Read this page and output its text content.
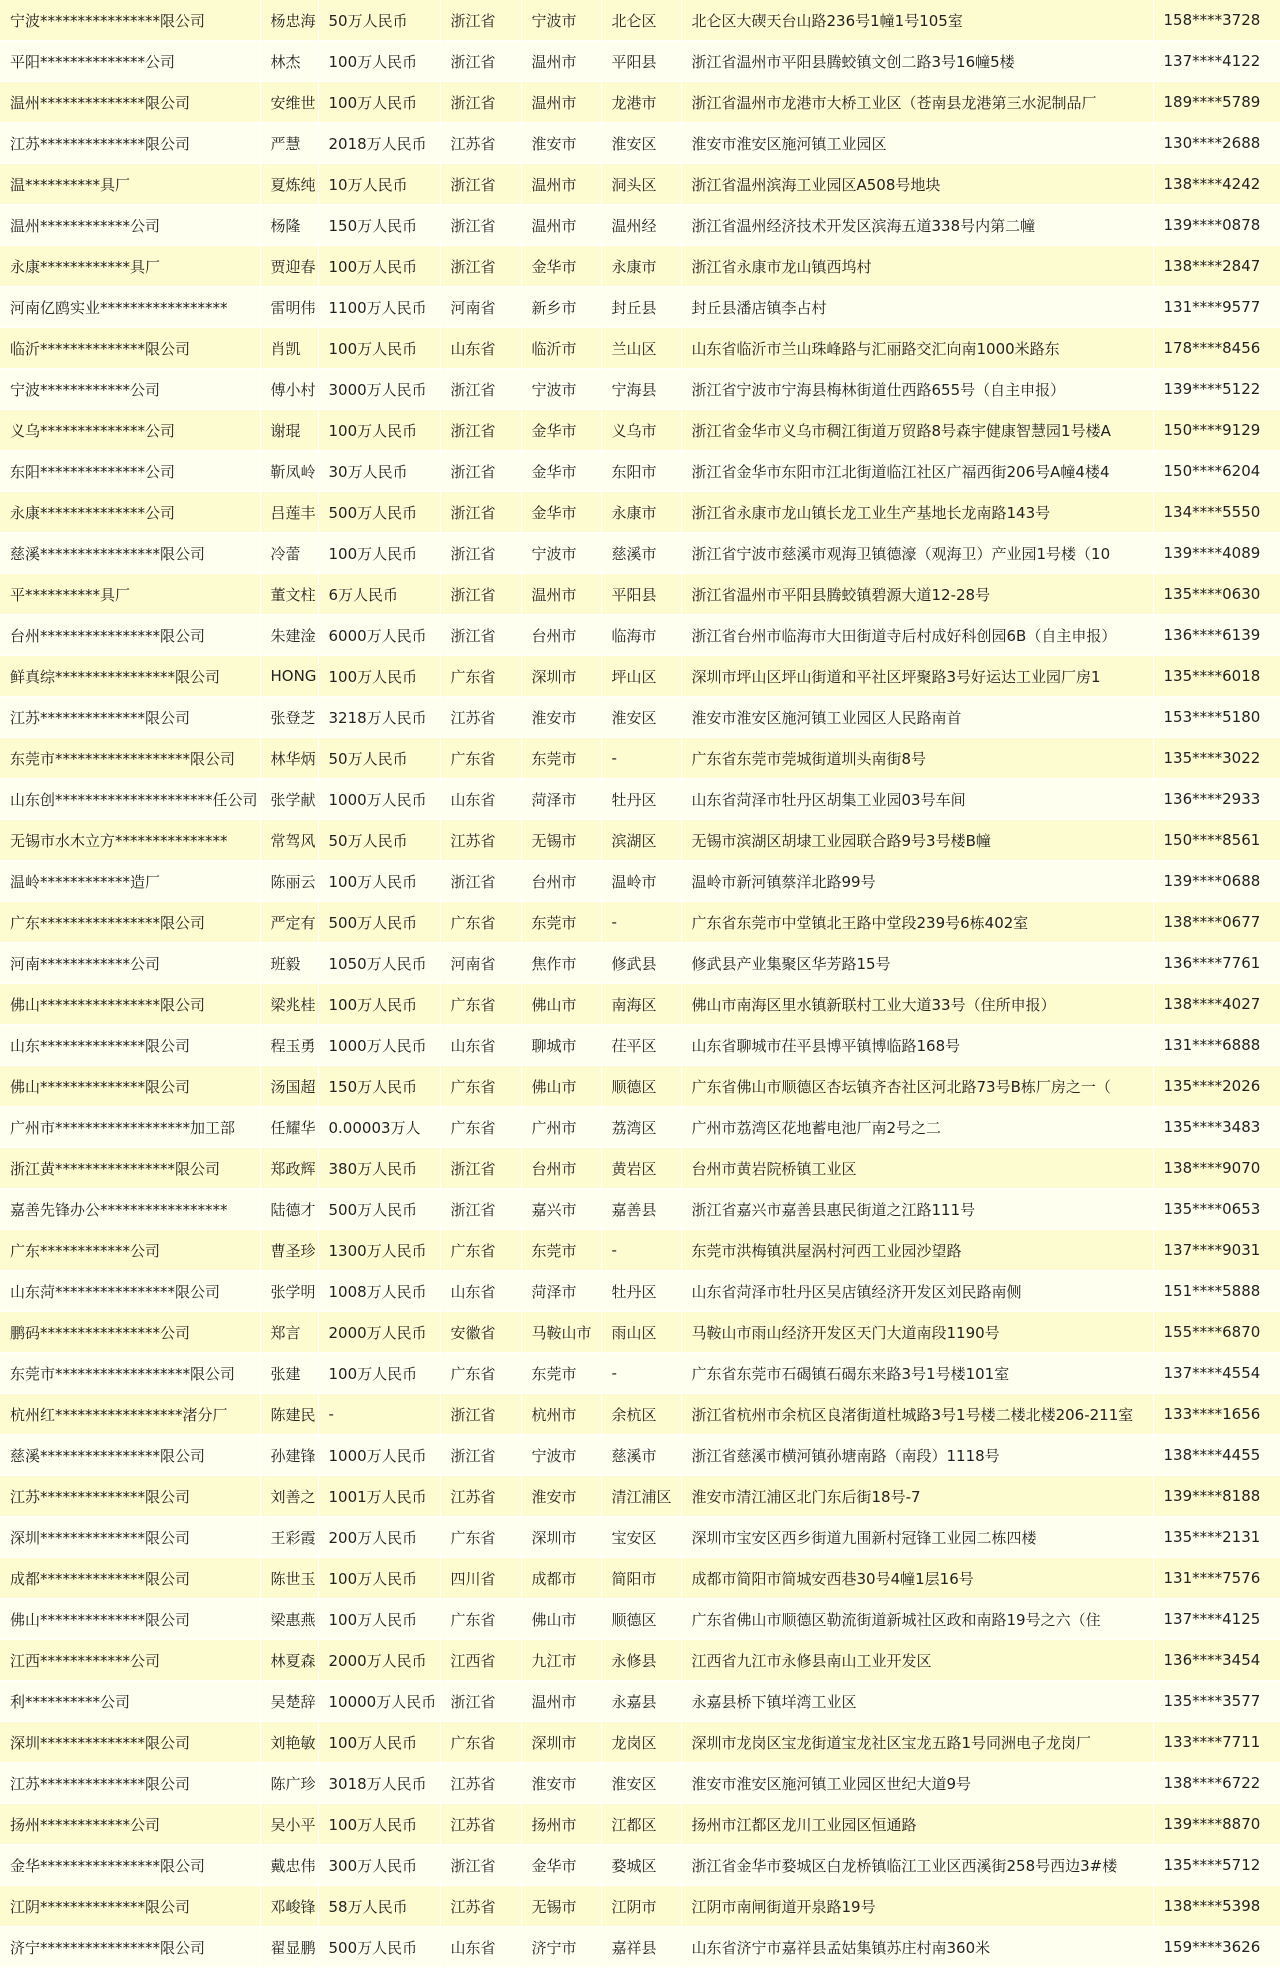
宁波****************限公司	杨忠海	50万人民币	浙江省	宁波市	北仑区	北仑区大碶天台山路236号1幢1号105室	158****3728
平阳**************公司	林杰	100万人民币	浙江省	温州市	平阳县	浙江省温州市平阳县腾蛟镇文创二路3号16幢5楼	137****4122
温州**************限公司	安维世	100万人民币	浙江省	温州市	龙港市	浙江省温州市龙港市大桥工业区（苍南县龙港第三水泥制品厂	189****5789
江苏**************限公司	严慧	2018万人民币	江苏省	淮安市	淮安区	淮安市淮安区施河镇工业园区	130****2688
温**********具厂	夏炼纯	10万人民币	浙江省	温州市	洞头区	浙江省温州滨海工业园区A508号地块	138****4242
温州************公司	杨隆	150万人民币	浙江省	温州市	温州经	浙江省温州经济技术开发区滨海五道338号内第二幢	139****0878
永康************具厂	贾迎春	100万人民币	浙江省	金华市	永康市	浙江省永康市龙山镇西坞村	138****2847
河南亿鸥实业*****************	雷明伟	1100万人民币	河南省	新乡市	封丘县	封丘县潘店镇李占村	131****9577
临沂**************限公司	肖凯	100万人民币	山东省	临沂市	兰山区	山东省临沂市兰山珠峰路与汇丽路交汇向南1000米路东	178****8456
宁波************公司	傅小村	3000万人民币	浙江省	宁波市	宁海县	浙江省宁波市宁海县梅林街道仕西路655号（自主申报）	139****5122
义乌**************公司	谢琨	100万人民币	浙江省	金华市	义乌市	浙江省金华市义乌市稠江街道万贸路8号森宇健康智慧园1号楼A	150****9129
东阳**************公司	靳凤岭	30万人民币	浙江省	金华市	东阳市	浙江省金华市东阳市江北街道临江社区广福西街206号A幢4楼4	150****6204
永康**************公司	吕莲丰	500万人民币	浙江省	金华市	永康市	浙江省永康市龙山镇长龙工业生产基地长龙南路143号	134****5550
慈溪****************限公司	冷蕾	100万人民币	浙江省	宁波市	慈溪市	浙江省宁波市慈溪市观海卫镇德濠（观海卫）产业园1号楼（10	139****4089
平**********具厂	董文柱	6万人民币	浙江省	温州市	平阳县	浙江省温州市平阳县腾蛟镇碧源大道12-28号	135****0630
台州****************限公司	朱建淦	6000万人民币	浙江省	台州市	临海市	浙江省台州市临海市大田街道寺后村成好科创园6B（自主申报）	136****6139
鲜真综****************限公司	HONG	100万人民币	广东省	深圳市	坪山区	深圳市坪山区坪山街道和平社区坪聚路3号好运达工业园厂房1	135****6018
江苏**************限公司	张登芝	3218万人民币	江苏省	淮安市	淮安区	淮安市淮安区施河镇工业园区人民路南首	153****5180
东莞市******************限公司	林华炳	50万人民币	广东省	东莞市	-	广东省东莞市莞城街道圳头南街8号	135****3022
山东创*********************任公司	张学献	1000万人民币	山东省	菏泽市	牡丹区	山东省菏泽市牡丹区胡集工业园03号车间	136****2933
无锡市水木立方***************	常驾风	50万人民币	江苏省	无锡市	滨湖区	无锡市滨湖区胡埭工业园联合路9号3号楼B幢	150****8561
温岭************造厂	陈丽云	100万人民币	浙江省	台州市	温岭市	温岭市新河镇蔡洋北路99号	139****0688
广东****************限公司	严定有	500万人民币	广东省	东莞市	-	广东省东莞市中堂镇北王路中堂段239号6栋402室	138****0677
河南************公司	班毅	1050万人民币	河南省	焦作市	修武县	修武县产业集聚区华芳路15号	136****7761
佛山****************限公司	梁兆桂	100万人民币	广东省	佛山市	南海区	佛山市南海区里水镇新联村工业大道33号（住所申报）	138****4027
山东**************限公司	程玉勇	1000万人民币	山东省	聊城市	茌平区	山东省聊城市茌平县博平镇博临路168号	131****6888
佛山**************限公司	汤国超	150万人民币	广东省	佛山市	顺德区	广东省佛山市顺德区杏坛镇齐杏社区河北路73号B栋厂房之一（	135****2026
广州市******************加工部	任耀华	0.00003万人	广东省	广州市	荔湾区	广州市荔湾区花地蓄电池厂南2号之二	135****3483
浙江黄****************限公司	郑政辉	380万人民币	浙江省	台州市	黄岩区	台州市黄岩院桥镇工业区	138****9070
嘉善先锋办公*****************	陆德才	500万人民币	浙江省	嘉兴市	嘉善县	浙江省嘉兴市嘉善县惠民街道之江路111号	135****0653
广东************公司	曹圣珍	1300万人民币	广东省	东莞市	-	东莞市洪梅镇洪屋涡村河西工业园沙望路	137****9031
山东菏****************限公司	张学明	1008万人民币	山东省	菏泽市	牡丹区	山东省菏泽市牡丹区吴店镇经济开发区刘民路南侧	151****5888
鹏码****************公司	郑言	2000万人民币	安徽省	马鞍山市	雨山区	马鞍山市雨山经济开发区天门大道南段1190号	155****6870
东莞市******************限公司	张建	100万人民币	广东省	东莞市	-	广东省东莞市石碣镇石碣东来路3号1号楼101室	137****4554
杭州红*****************渚分厂	陈建民	-	浙江省	杭州市	余杭区	浙江省杭州市余杭区良渚街道杜城路3号1号楼二楼北楼206-211室	133****1656
慈溪****************限公司	孙建锋	1000万人民币	浙江省	宁波市	慈溪市	浙江省慈溪市横河镇孙塘南路（南段）1118号	138****4455
江苏**************限公司	刘善之	1001万人民币	江苏省	淮安市	清江浦区	淮安市清江浦区北门东后街18号-7	139****8188
深圳**************限公司	王彩霞	200万人民币	广东省	深圳市	宝安区	深圳市宝安区西乡街道九围新村冠锋工业园二栋四楼	135****2131
成都**************限公司	陈世玉	100万人民币	四川省	成都市	简阳市	成都市简阳市简城安西巷30号4幢1层16号	131****7576
佛山**************限公司	梁惠燕	100万人民币	广东省	佛山市	顺德区	广东省佛山市顺德区勒流街道新城社区政和南路19号之六（住	137****4125
江西************公司	林夏森	2000万人民币	江西省	九江市	永修县	江西省九江市永修县南山工业开发区	136****3454
利**********公司	吴楚辞	10000万人民币	浙江省	温州市	永嘉县	永嘉县桥下镇垟湾工业区	135****3577
深圳**************限公司	刘艳敏	100万人民币	广东省	深圳市	龙岗区	深圳市龙岗区宝龙街道宝龙社区宝龙五路1号同洲电子龙岗厂	133****7711
江苏**************限公司	陈广珍	3018万人民币	江苏省	淮安市	淮安区	淮安市淮安区施河镇工业园区世纪大道9号	138****6722
扬州************公司	吴小平	100万人民币	江苏省	扬州市	江都区	扬州市江都区龙川工业园区恒通路	139****8870
金华****************限公司	戴忠伟	300万人民币	浙江省	金华市	婺城区	浙江省金华市婺城区白龙桥镇临江工业区西溪街258号西边3#楼	135****5712
江阴**************限公司	邓峻锋	58万人民币	江苏省	无锡市	江阴市	江阴市南闸街道开泉路19号	138****5398
济宁****************限公司	翟显鹏	500万人民币	山东省	济宁市	嘉祥县	山东省济宁市嘉祥县孟姑集镇苏庄村南360米	159****3626
